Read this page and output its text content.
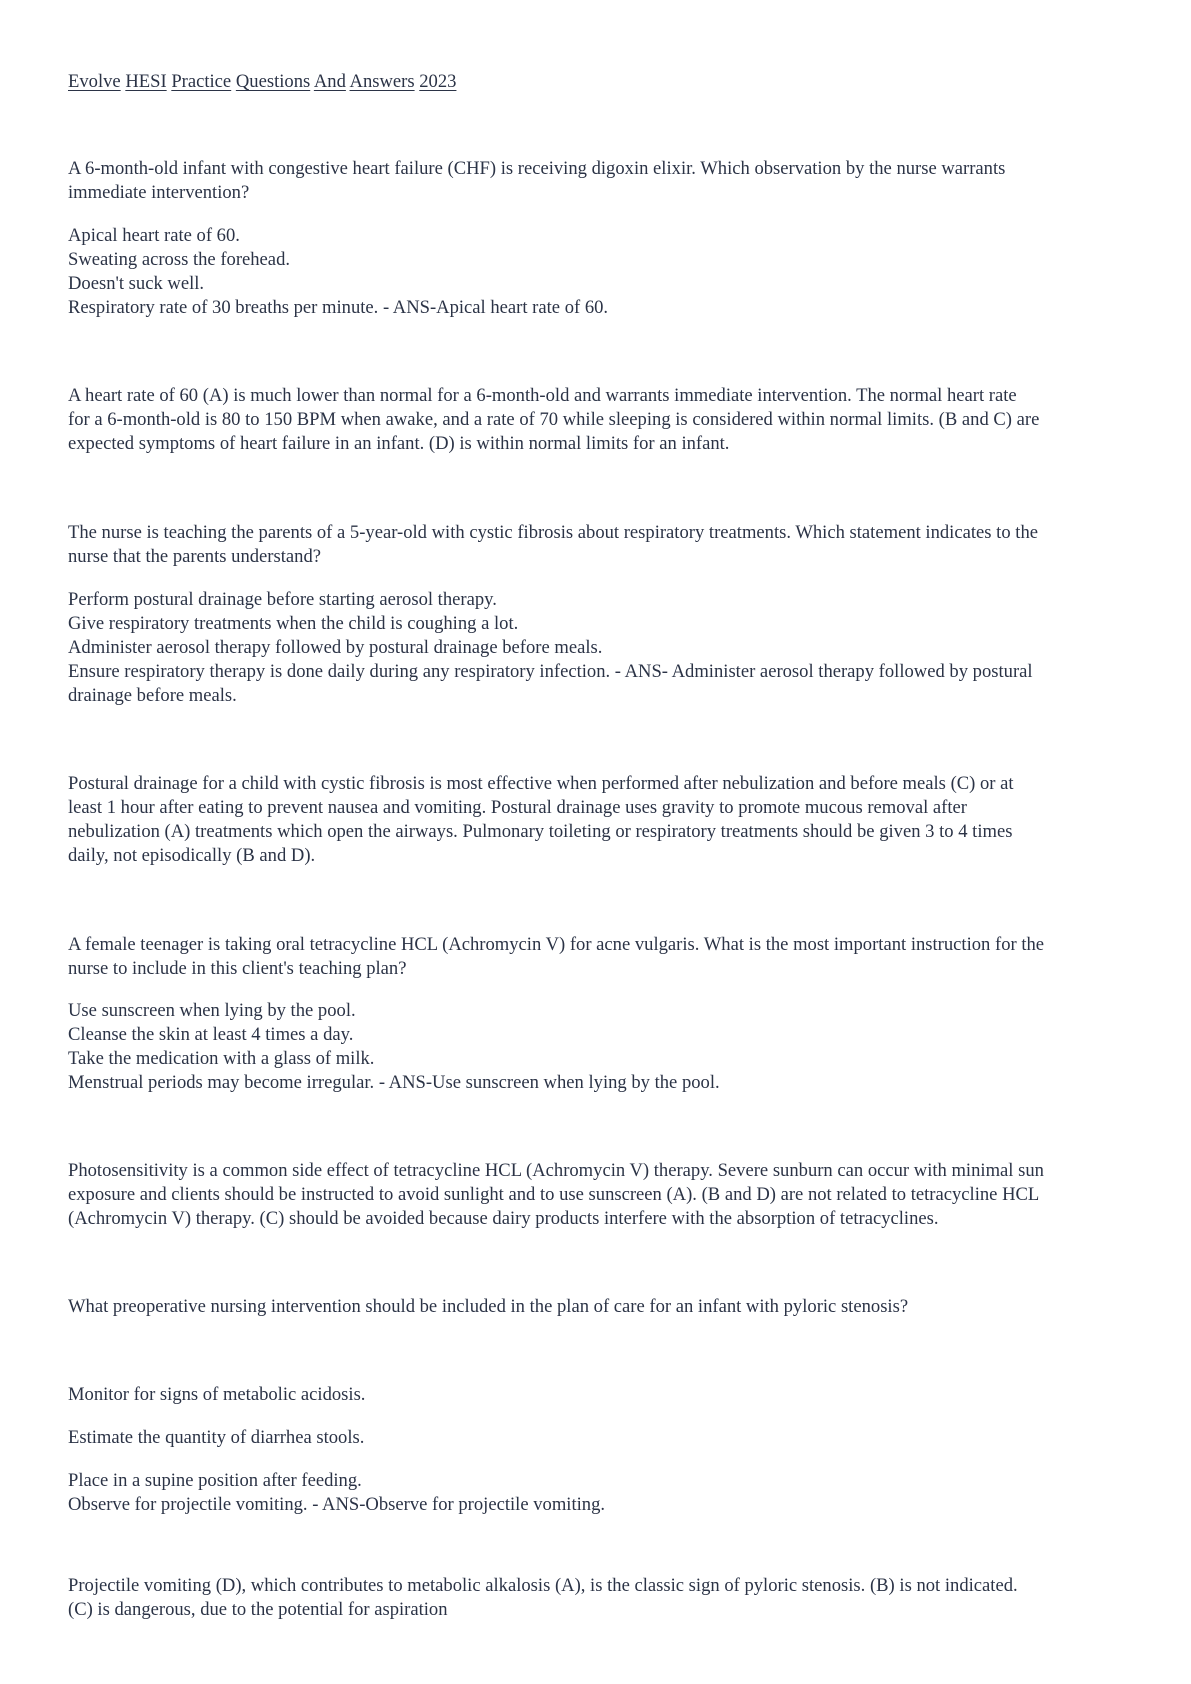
Evolve HESI Practice Questions And Answers 2023

A 6-month-old infant with congestive heart failure (CHF) is receiving digoxin elixir. Which observation by the nurse warrants
immediate intervention?

Apical heart rate of 60.
Sweating across the forehead.
Doesn't suck well.
Respiratory rate of 30 breaths per minute. - ANS-Apical heart rate of 60.

A heart rate of 60 (A) is much lower than normal for a 6-month-old and warrants immediate intervention. The normal heart rate
for a 6-month-old is 80 to 150 BPM when awake, and a rate of 70 while sleeping is considered within normal limits. (B and C) are
expected symptoms of heart failure in an infant. (D) is within normal limits for an infant.

The nurse is teaching the parents of a 5-year-old with cystic fibrosis about respiratory treatments. Which statement indicates to the
nurse that the parents understand?

Perform postural drainage before starting aerosol therapy.
Give respiratory treatments when the child is coughing a lot.
Administer aerosol therapy followed by postural drainage before meals.
Ensure respiratory therapy is done daily during any respiratory infection. - ANS- Administer aerosol therapy followed by postural
drainage before meals.

Postural drainage for a child with cystic fibrosis is most effective when performed after nebulization and before meals (C) or at
least 1 hour after eating to prevent nausea and vomiting. Postural drainage uses gravity to promote mucous removal after
nebulization (A) treatments which open the airways. Pulmonary toileting or respiratory treatments should be given 3 to 4 times
daily, not episodically (B and D).

A female teenager is taking oral tetracycline HCL (Achromycin V) for acne vulgaris. What is the most important instruction for the
nurse to include in this client's teaching plan?

Use sunscreen when lying by the pool.
Cleanse the skin at least 4 times a day.
Take the medication with a glass of milk.
Menstrual periods may become irregular. - ANS-Use sunscreen when lying by the pool.

Photosensitivity is a common side effect of tetracycline HCL (Achromycin V) therapy. Severe sunburn can occur with minimal sun
exposure and clients should be instructed to avoid sunlight and to use sunscreen (A). (B and D) are not related to tetracycline HCL
(Achromycin V) therapy. (C) should be avoided because dairy products interfere with the absorption of tetracyclines.

What preoperative nursing intervention should be included in the plan of care for an infant with pyloric stenosis?

Monitor for signs of metabolic acidosis.

Estimate the quantity of diarrhea stools.

Place in a supine position after feeding.
Observe for projectile vomiting. - ANS-Observe for projectile vomiting.

Projectile vomiting (D), which contributes to metabolic alkalosis (A), is the classic sign of pyloric stenosis. (B) is not indicated.
(C) is dangerous, due to the potential for aspiration
